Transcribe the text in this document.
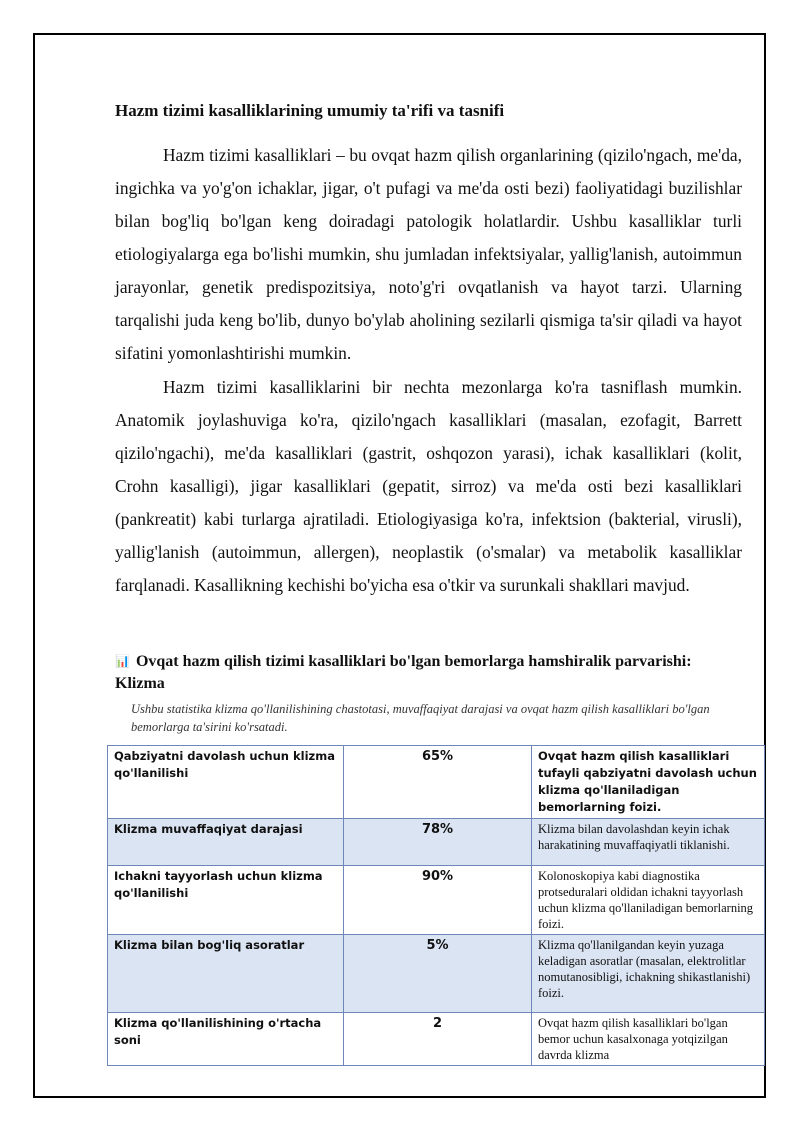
Hazm tizimi kasalliklarining umumiy ta'rifi va tasnifi

Hazm tizimi kasalliklari – bu ovqat hazm qilish organlarining (qizilo'ngach, me'da, ingichka va yo'g'on ichaklar, jigar, o't pufagi va me'da osti bezi) faoliyatidagi buzilishlar bilan bog'liq bo'lgan keng doiradagi patologik holatlardir. Ushbu kasalliklar turli etiologiyalarga ega bo'lishi mumkin, shu jumladan infektsiyalar, yallig'lanish, autoimmun jarayonlar, genetik predispozitsiya, noto'g'ri ovqatlanish va hayot tarzi. Ularning tarqalishi juda keng bo'lib, dunyo bo'ylab aholining sezilarli qismiga ta'sir qiladi va hayot sifatini yomonlashtirishi mumkin.

Hazm tizimi kasalliklarini bir nechta mezonlarga ko'ra tasniflash mumkin. Anatomik joylashuviga ko'ra, qizilo'ngach kasalliklari (masalan, ezofagit, Barrett qizilo'ngachi), me'da kasalliklari (gastrit, oshqozon yarasi), ichak kasalliklari (kolit, Crohn kasalligi), jigar kasalliklari (gepatit, sirroz) va me'da osti bezi kasalliklari (pankreatit) kabi turlarga ajratiladi. Etiologiyasiga ko'ra, infektsion (bakterial, virusli), yallig'lanish (autoimmun, allergen), neoplastik (o'smalar) va metabolik kasalliklar farqlanadi. Kasallikning kechishi bo'yicha esa o'tkir va surunkali shakllari mavjud.

📊 Ovqat hazm qilish tizimi kasalliklari bo'lgan bemorlarga hamshiralik parvarishi: Klizma
Ushbu statistika klizma qo'llanilishining chastotasi, muvaffaqiyat darajasi va ovqat hazm qilish kasalliklari bo'lgan bemorlarga ta'sirini ko'rsatadi.
Qabziyatni davolash uchun klizma qo'llanilishi	65%	Ovqat hazm qilish kasalliklari tufayli qabziyatni davolash uchun klizma qo'llaniladigan bemorlarning foizi.
Klizma muvaffaqiyat darajasi	78%	Klizma bilan davolashdan keyin ichak harakatining muvaffaqiyatli tiklanishi.
Ichakni tayyorlash uchun klizma qo'llanilishi	90%	Kolonoskopiya kabi diagnostika protseduralari oldidan ichakni tayyorlash uchun klizma qo'llaniladigan bemorlarning foizi.
Klizma bilan bog'liq asoratlar	5%	Klizma qo'llanilgandan keyin yuzaga keladigan asoratlar (masalan, elektrolitlar nomutanosibligi, ichakning shikastlanishi) foizi.
Klizma qo'llanilishining o'rtacha soni	2	Ovqat hazm qilish kasalliklari bo'lgan bemor uchun kasalxonaga yotqizilgan davrda klizma
